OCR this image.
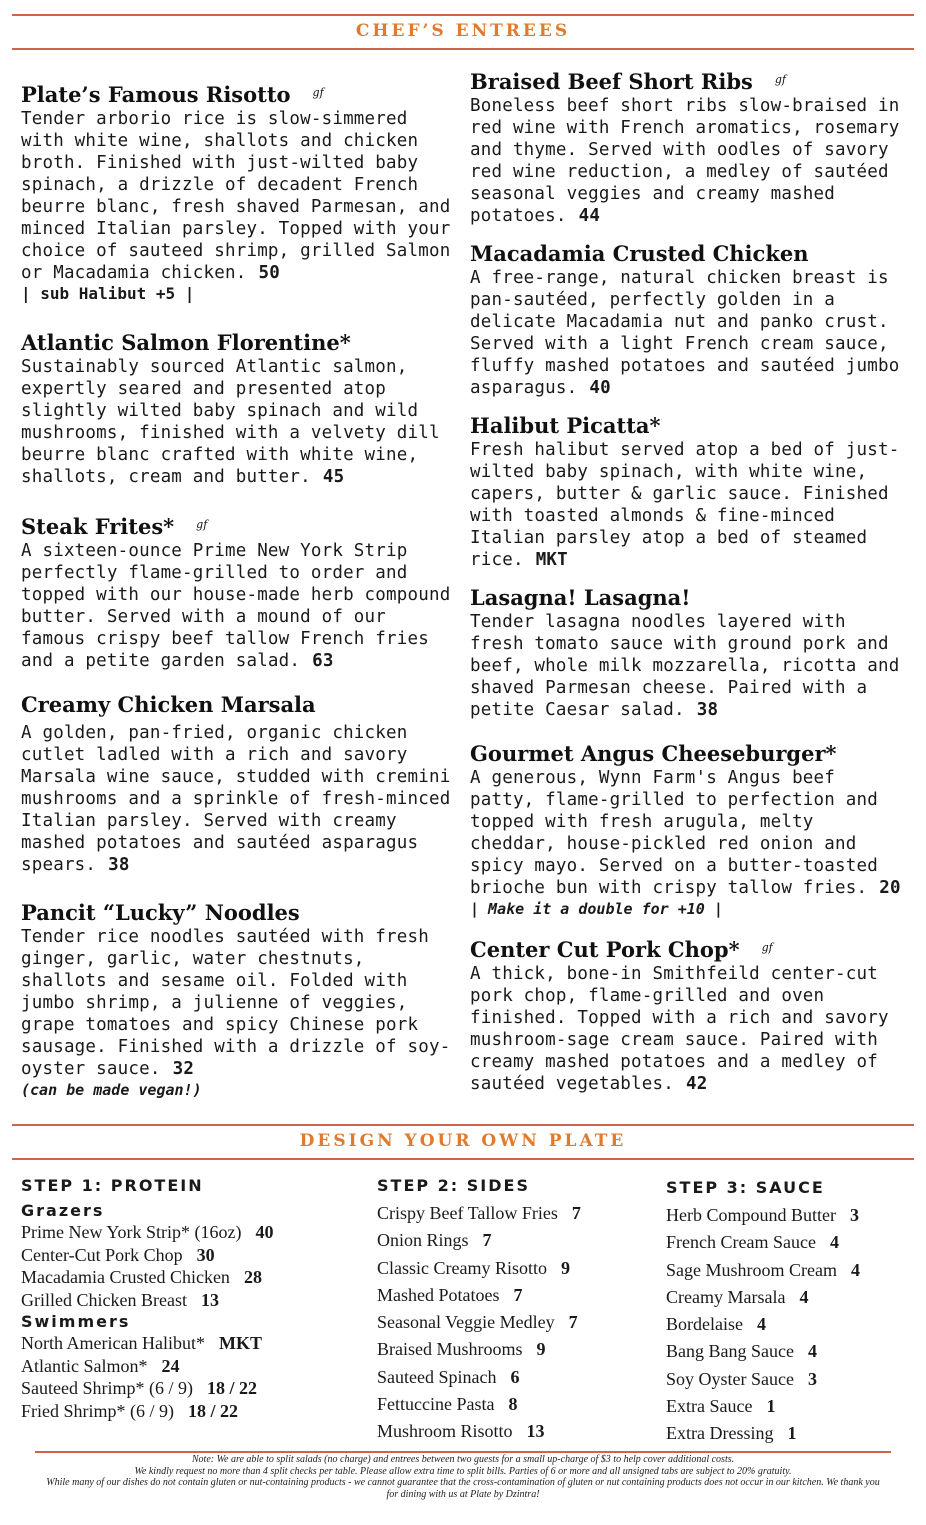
CHEF’S ENTREES
Plate’s Famous Risotto $^{gf}$

Tender arborio rice is slow-simmered with white wine, shallots and chicken broth. Finished with just-wilted baby spinach, a drizzle of decadent French beurre blanc, fresh shaved Parmesan, and minced Italian parsley. Topped with your choice of sauteed shrimp, grilled Salmon or Macadamia chicken. 50

| sub Halibut +5 |
Atlantic Salmon Florentine*

Sustainably sourced Atlantic salmon, expertly seared and presented atop slightly wilted baby spinach and wild mushrooms, finished with a velvety dill beurre blanc crafted with white wine, shallots, cream and butter. 45

Steak Frites* $^{gf}$

A sixteen-ounce Prime New York Strip perfectly flame-grilled to order and topped with our house-made herb compound butter. Served with a mound of our famous crispy beef tallow French fries and a petite garden salad. 63

Creamy Chicken Marsala

A golden, pan-fried, organic chicken cutlet ladled with a rich and savory Marsala wine sauce, studded with cremini mushrooms and a sprinkle of fresh-minced Italian parsley. Served with creamy mashed potatoes and sautéed asparagus spears. 38

Pancit “Lucky” Noodles

Tender rice noodles sautéed with fresh ginger, garlic, water chestnuts, shallots and sesame oil. Folded with jumbo shrimp, a julienne of veggies, grape tomatoes and spicy Chinese pork sausage. Finished with a drizzle of soy-oyster sauce. 32

(can be made vegan!)
Braised Beef Short Ribs $^{gf}$

Boneless beef short ribs slow-braised in red wine with French aromatics, rosemary and thyme. Served with oodles of savory red wine reduction, a medley of sautéed seasonal veggies and creamy mashed potatoes. 44

Macadamia Crusted Chicken

A free-range, natural chicken breast is pan-sautéed, perfectly golden in a delicate Macadamia nut and panko crust. Served with a light French cream sauce, fluffy mashed potatoes and sautéed jumbo asparagus. 40

Halibut Picatta*

Fresh halibut served atop a bed of just-wilted baby spinach, with white wine, capers, butter & garlic sauce. Finished with toasted almonds & fine-minced Italian parsley atop a bed of steamed rice. MKT

Lasagna! Lasagna!

Tender lasagna noodles layered with fresh tomato sauce with ground pork and beef, whole milk mozzarella, ricotta and shaved Parmesan cheese. Paired with a petite Caesar salad. 38

Gourmet Angus Cheeseburger*

A generous, Wynn Farm's Angus beef patty, flame-grilled to perfection and topped with fresh arugula, melty cheddar, house-pickled red onion and spicy mayo. Served on a butter-toasted brioche bun with crispy tallow fries. 20

| Make it a double for +10 |
Center Cut Pork Chop* $^{gf}$

A thick, bone-in Smithfeild center-cut pork chop, flame-grilled and oven finished. Topped with a rich and savory mushroom-sage cream sauce. Paired with creamy mashed potatoes and a medley of sautéed vegetables. 42

DESIGN YOUR OWN PLATE
STEP 1: PROTEIN
Grazers
Prime New York Strip* (16oz) 40
Center-Cut Pork Chop 30
Macadamia Crusted Chicken 28
Grilled Chicken Breast 13
Swimmers
North American Halibut* MKT
Atlantic Salmon* 24
Sauteed Shrimp* (6 / 9) 18 / 22
Fried Shrimp* (6 / 9) 18 / 22
STEP 2: SIDES
Crispy Beef Tallow Fries 7
Onion Rings 7
Classic Creamy Risotto 9
Mashed Potatoes 7
Seasonal Veggie Medley 7
Braised Mushrooms 9
Sauteed Spinach 6
Fettuccine Pasta 8
Mushroom Risotto 13
STEP 3: SAUCE
Herb Compound Butter 3
French Cream Sauce 4
Sage Mushroom Cream 4
Creamy Marsala 4
Bordelaise 4
Bang Bang Sauce 4
Soy Oyster Sauce 3
Extra Sauce 1
Extra Dressing 1
Note: We are able to split salads (no charge) and entrees between two guests for a small up-charge of $3 to help cover additional costs.
We kindly request no more than 4 split checks per table. Please allow extra time to split bills. Parties of 6 or more and all unsigned tabs are subject to 20% gratuity.
While many of our dishes do not contain gluten or nut-containing products - we cannot guarantee that the cross-contamination of gluten or nut containing products does not occur in our kitchen. We thank you for dining with us at Plate by Dzintra!
